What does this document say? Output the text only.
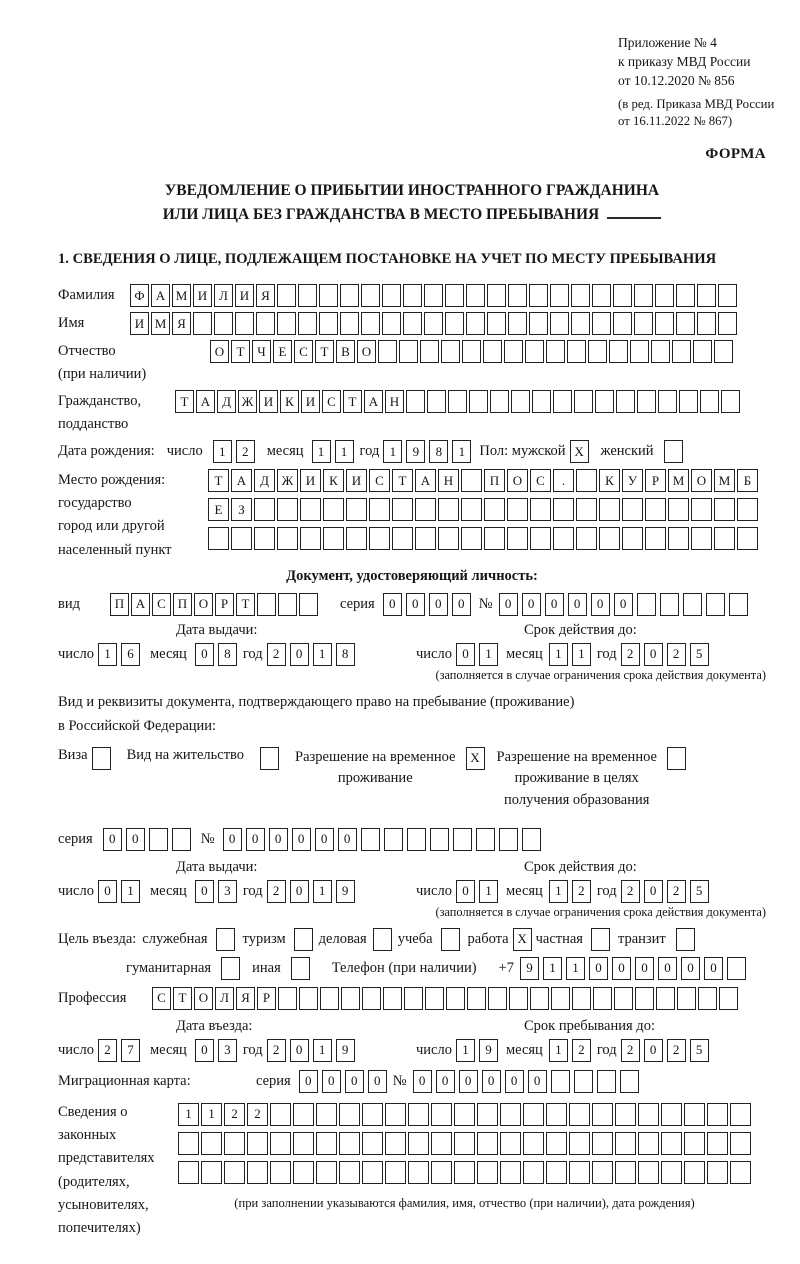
Приложение № 4
к приказу МВД России
от 10.12.2020 № 856
(в ред. Приказа МВД России
от 16.11.2022 № 867)
ФОРМА
УВЕДОМЛЕНИЕ О ПРИБЫТИИ ИНОСТРАННОГО ГРАЖДАНИНА
ИЛИ ЛИЦА БЕЗ ГРАЖДАНСТВА В МЕСТО ПРЕБЫВАНИЯ
1. СВЕДЕНИЯ О ЛИЦЕ, ПОДЛЕЖАЩЕМ ПОСТАНОВКЕ НА УЧЕТ ПО МЕСТУ ПРЕБЫВАНИЯ
Фамилия	Ф А М И Л И Я
Имя	И М Я
Отчество
(при наличии)
О Т Ч Е С Т В О
Гражданство,
подданство
Т А Д Ж И К И С Т А Н
Дата рождения: число	1	2	месяц	1	1 год 1	9	8	1 Пол: мужской X	женский
Место рождения:
государство
город или другой
населенный пункт
Т	А	Д Ж И	К	И	С	Т	А	Н	П	О	С	.	К	У	Р	М О М	Б
Е	З
Документ, удостоверяющий личность:
вид	П А С П О Р	Т	серия	0	0	0	0 № 0	0	0	0	0	0
Дата выдачи:
число 1	6	месяц	0	8 год 2	0	1	8
Срок действия до:
число 0	1 месяц 1	1 год 2	0	2	5
(заполняется в случае ограничения срока действия документа)
Вид и реквизиты документа, подтверждающего право на пребывание (проживание)
в Российской Федерации:
Виза	Вид на жительство	Разрешение на временное
проживание
X	Разрешение на временное
проживание в целях
получения образования
серия	0	0	№	0	0	0	0	0	0
Дата выдачи:
число 0	1	месяц	0	3 год 2	0	1	9
Срок действия до:
число 0	1 месяц 1	2 год 2	0	2	5
(заполняется в случае ограничения срока действия документа)
Цель въезда: служебная туризм деловая учеба работа X частная транзит
гуманитарная	иная	Телефон (при наличии) +7 9	1	1	0	0	0	0	0	0
Профессия	С Т О Л Я	Р
Дата въезда:
число 2	7	месяц	0	3 год 2	0	1	9
Срок пребывания до:
число 1	9 месяц 1	2 год 2	0	2	5
Миграционная карта:	серия	0	0	0	0 № 0	0	0	0	0	0
Сведения о
законных
представителях
(родителях,
усыновителях,
попечителях)
1	1	2	2
(при заполнении указываются фамилия, имя, отчество (при наличии), дата рождения)
